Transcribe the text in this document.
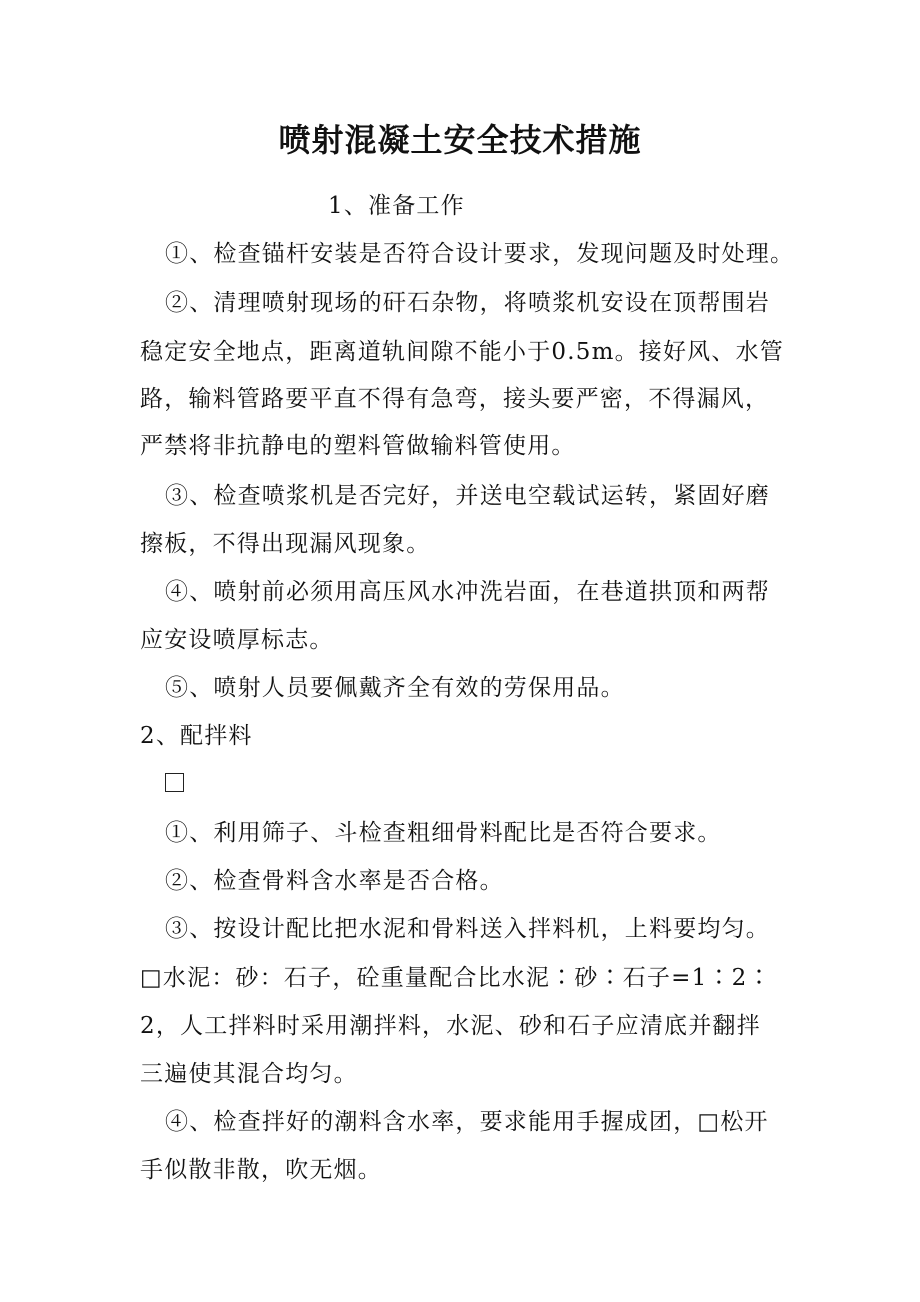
喷射混凝土安全技术措施
1、准备工作
①、检查锚杆安装是否符合设计要求，发现问题及时处理。
②、清理喷射现场的矸石杂物，将喷浆机安设在顶帮围岩
稳定安全地点，距离道轨间隙不能小于0.5m。接好风、水管
路，输料管路要平直不得有急弯，接头要严密，不得漏风，
严禁将非抗静电的塑料管做输料管使用。
③、检查喷浆机是否完好，并送电空载试运转，紧固好磨
擦板，不得出现漏风现象。
④、喷射前必须用高压风水冲洗岩面，在巷道拱顶和两帮
应安设喷厚标志。
⑤、喷射人员要佩戴齐全有效的劳保用品。
2、配拌料
①、利用筛子、斗检查粗细骨料配比是否符合要求。
②、检查骨料含水率是否合格。
③、按设计配比把水泥和骨料送入拌料机，上料要均匀。
□水泥：砂：石子，砼重量配合比水泥∶砂∶石子=1∶2∶
2，人工拌料时采用潮拌料，水泥、砂和石子应清底并翻拌
三遍使其混合均匀。
④、检查拌好的潮料含水率，要求能用手握成团，□松开
手似散非散，吹无烟。
